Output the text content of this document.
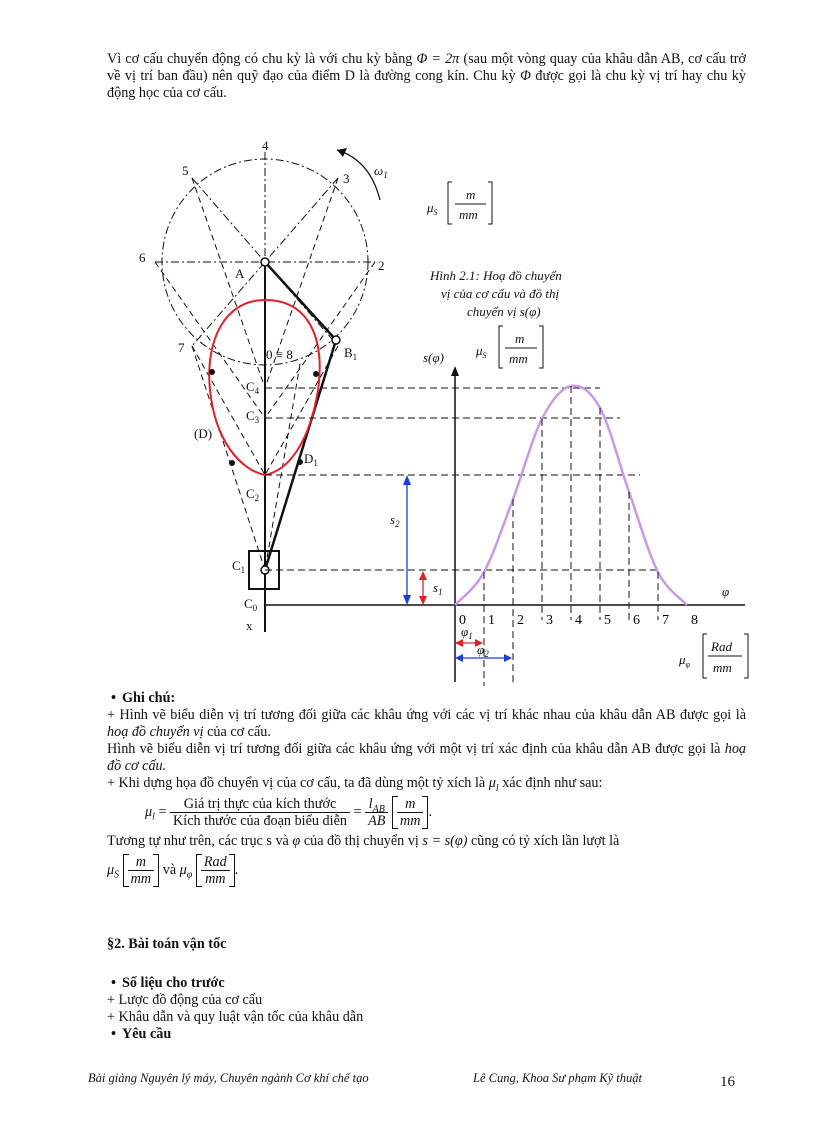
Vì cơ cấu chuyển động có chu kỳ là với chu kỳ bằng Φ = 2π (sau một vòng quay của khâu dẫn AB, cơ cấu trở về vị trí ban đầu) nên quỹ đạo của điểm D là đường cong kín. Chu kỳ Φ được gọi là chu kỳ vị trí hay chu kỳ động học của cơ cấu.

0 1 2 3 4 5 6 7 8
4
3
2
5
6
7
A
$B_1$
0 ≡ 8
(D)
$D_1$
$C_4$
$C_3$
$C_2$
$C_1$
$C_0$
x
$\omega_1$
$\mu_S$
m
mm
Hình 2.1: Hoạ đồ chuyển
vị của cơ cấu và đồ thị
chuyển vị s(φ)
$\mu_S$
m
mm
s(φ)
φ
$s_2$
$s_1$
$\varphi_1$
$\varphi_2$	$\mu_\varphi$
Rad
mm

• Ghi chú:

+ Hình vẽ biểu diễn vị trí tương đối giữa các khâu ứng với các vị trí khác nhau của khâu dẫn AB được gọi là hoạ đồ chuyển vị của cơ cấu.

Hình vẽ biểu diễn vị trí tương đối giữa các khâu ứng với một vị trí xác định của khâu dẫn AB được gọi là hoạ đồ cơ cấu.

+ Khi dựng họa đồ chuyển vị của cơ cấu, ta đã dùng một tỷ xích là $\mu_l$ xác định như sau:

$\mu_l = \frac{\text{Giá trị thực của kích thước}}{\text{Kích thước của đoạn biểu diễn}} = \frac{l_{AB}}{AB}$
$\frac{m}{mm}$ .

Tương tự như trên, các trục s và φ của đồ thị chuyển vị s = s(φ) cũng có tỷ xích lần lượt là

$\mu_S \frac{m}{mm}$ và $\mu_\varphi \frac{\text{Rad}}{mm}$ .

§2. Bài toán vận tốc

• Số liệu cho trước

+ Lược đồ động của cơ cấu

+ Khâu dẫn và quy luật vận tốc của khâu dẫn

• Yêu cầu

Bài giảng Nguyên lý máy, Chuyên ngành Cơ khí chế tạo	Lê Cung, Khoa Sư phạm Kỹ thuật	16
